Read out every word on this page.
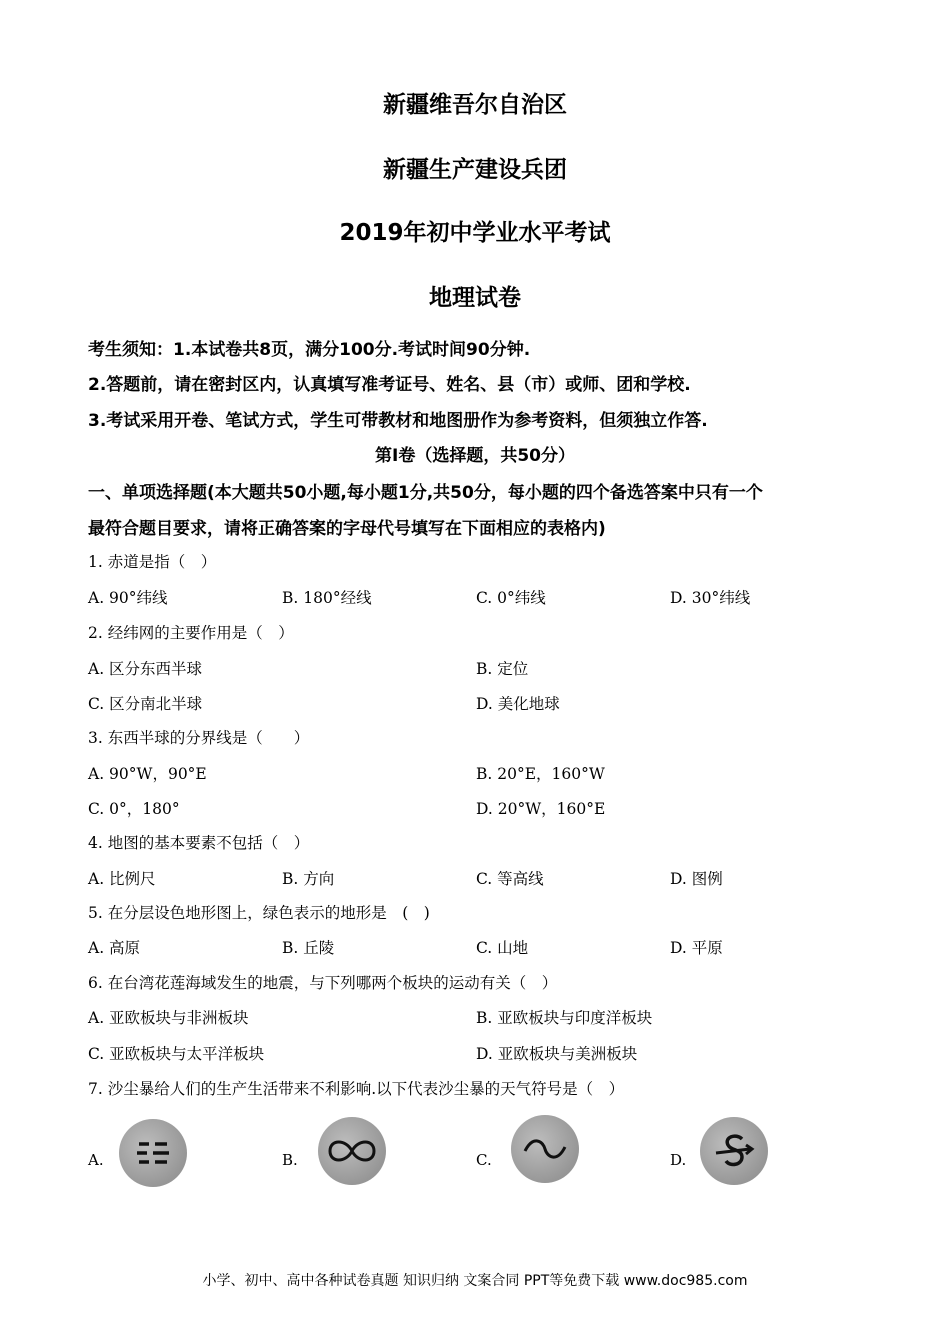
新疆维吾尔自治区
新疆生产建设兵团
2019年初中学业水平考试
地理试卷
考生须知：1.本试卷共8页，满分100分.考试时间90分钟.
2.答题前，请在密封区内，认真填写准考证号、姓名、县（市）或师、团和学校.
3.考试采用开卷、笔试方式，学生可带教材和地图册作为参考资料，但须独立作答.
第Ⅰ卷（选择题，共50分）
一、单项选择题(本大题共50小题,每小题1分,共50分，每小题的四个备选答案中只有一个
最符合题目要求，请将正确答案的字母代号填写在下面相应的表格内)
1. 赤道是指（　）
A. 90°纬线	B. 180°经线	C. 0°纬线	D. 30°纬线
2. 经纬网的主要作用是（　）
A. 区分东西半球	B. 定位
C. 区分南北半球	D. 美化地球
3. 东西半球的分界线是（　　）
A. 90°W，90°E	B. 20°E，160°W
C. 0°，180°	D. 20°W，160°E
4. 地图的基本要素不包括（　）
A. 比例尺	B. 方向	C. 等高线	D. 图例
5. 在分层设色地形图上，绿色表示的地形是　(　)
A. 高原	B. 丘陵	C. 山地	D. 平原
6. 在台湾花莲海域发生的地震，与下列哪两个板块的运动有关（　）
A. 亚欧板块与非洲板块	B. 亚欧板块与印度洋板块
C. 亚欧板块与太平洋板块	D. 亚欧板块与美洲板块
7. 沙尘暴给人们的生产生活带来不利影响.以下代表沙尘暴的天气符号是（　）
A.	B.	C.	D.
小学、初中、高中各种试卷真题 知识归纳 文案合同 PPT等免费下载 www.doc985.com
